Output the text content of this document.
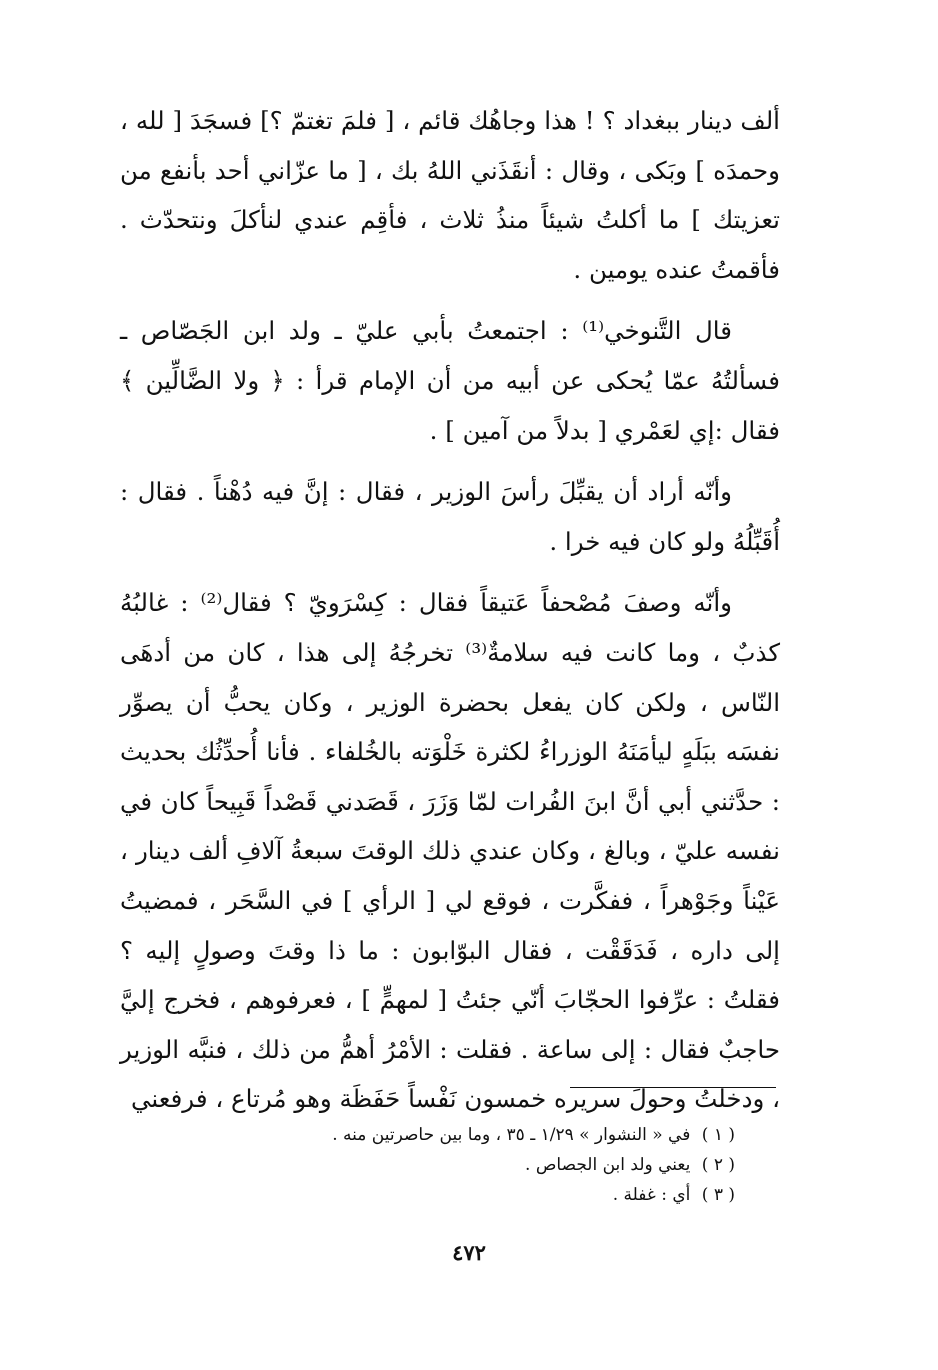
ألف دينار ببغداد ؟ ! هذا وجاهُك قائم ، [ فلمَ تغتمّ ؟] فسجَدَ [ لله ، وحمدَه ] وبَكى ، وقال : أنقَذَني اللهُ بك ، [ ما عزّاني أحد بأنفع من تعزيتك ] ما أكلتُ شيئاً منذُ ثلاث ، فأقِم عندي لنأكلَ ونتحدّث . فأقمتُ عنده يومين .

قال التَّنوخي⁽¹⁾ : اجتمعتُ بأبي عليّ ـ ولد ابن الجَصّاص ـ فسألتُهُ عمّا يُحكى عن أبيه من أن الإمام قرأ : ﴿ ولا الضَّالِّين ﴾ فقال :إي لعَمْري [ بدلاً من آمين ] .

وأنّه أراد أن يقبِّلَ رأسَ الوزير ، فقال : إنَّ فيه دُهْناً . فقال : أُقَبِّلُهُ ولو كان فيه خرا .

وأنّه وصفَ مُصْحفاً عَتيقاً فقال : كِسْرَويّ ؟ فقال⁽²⁾ : غالبُهُ كذبٌ ، وما كانت فيه سلامةٌ⁽³⁾ تخرجُهُ إلى هذا ، كان من أدهَى النّاس ، ولكن كان يفعل بحضرة الوزير ، وكان يحبُّ أن يصوِّر نفسَه ببَلَهٍ ليأمَنَهُ الوزراءُ لكثرة خَلْوَته بالخُلفاء . فأنا أُحدِّثُك بحديث : حدَّثني أبي أنَّ ابنَ الفُرات لمّا وَزَرَ ، قَصَدني قَصْداً قَبِيحاً كان في نفسه عليّ ، وبالغ ، وكان عندي ذلك الوقتَ سبعةُ آلافِ ألف دينار ، عَيْناً وجَوْهراً ، ففكَّرت ، فوقع لي [ الرأي ] في السَّحَر ، فمضيتُ إلى داره ، فَدَقَقْت ، فقال البوّابون : ما ذا وقتَ وصولٍ إليه ؟ فقلتُ : عرِّفوا الحجّابَ أنّي جئتُ [ لمهمٍّ ] ، فعرفوهم ، فخرج إليَّ حاجبٌ فقال : إلى ساعة . فقلت : الأمْرُ أهمُّ من ذلك ، فنبَّه الوزير ، ودخلتُ وحولَ سريره خمسون نَفْساً حَفَظَة وهو مُرتاع ، فرفعني

( ١ ) في « النشوار » ١/٢٩ ـ ٣٥ ، وما بين حاصرتين منه .
( ٢ ) يعني ولد ابن الجصاص .
( ٣ ) أي : غفلة .
٤٧٢
